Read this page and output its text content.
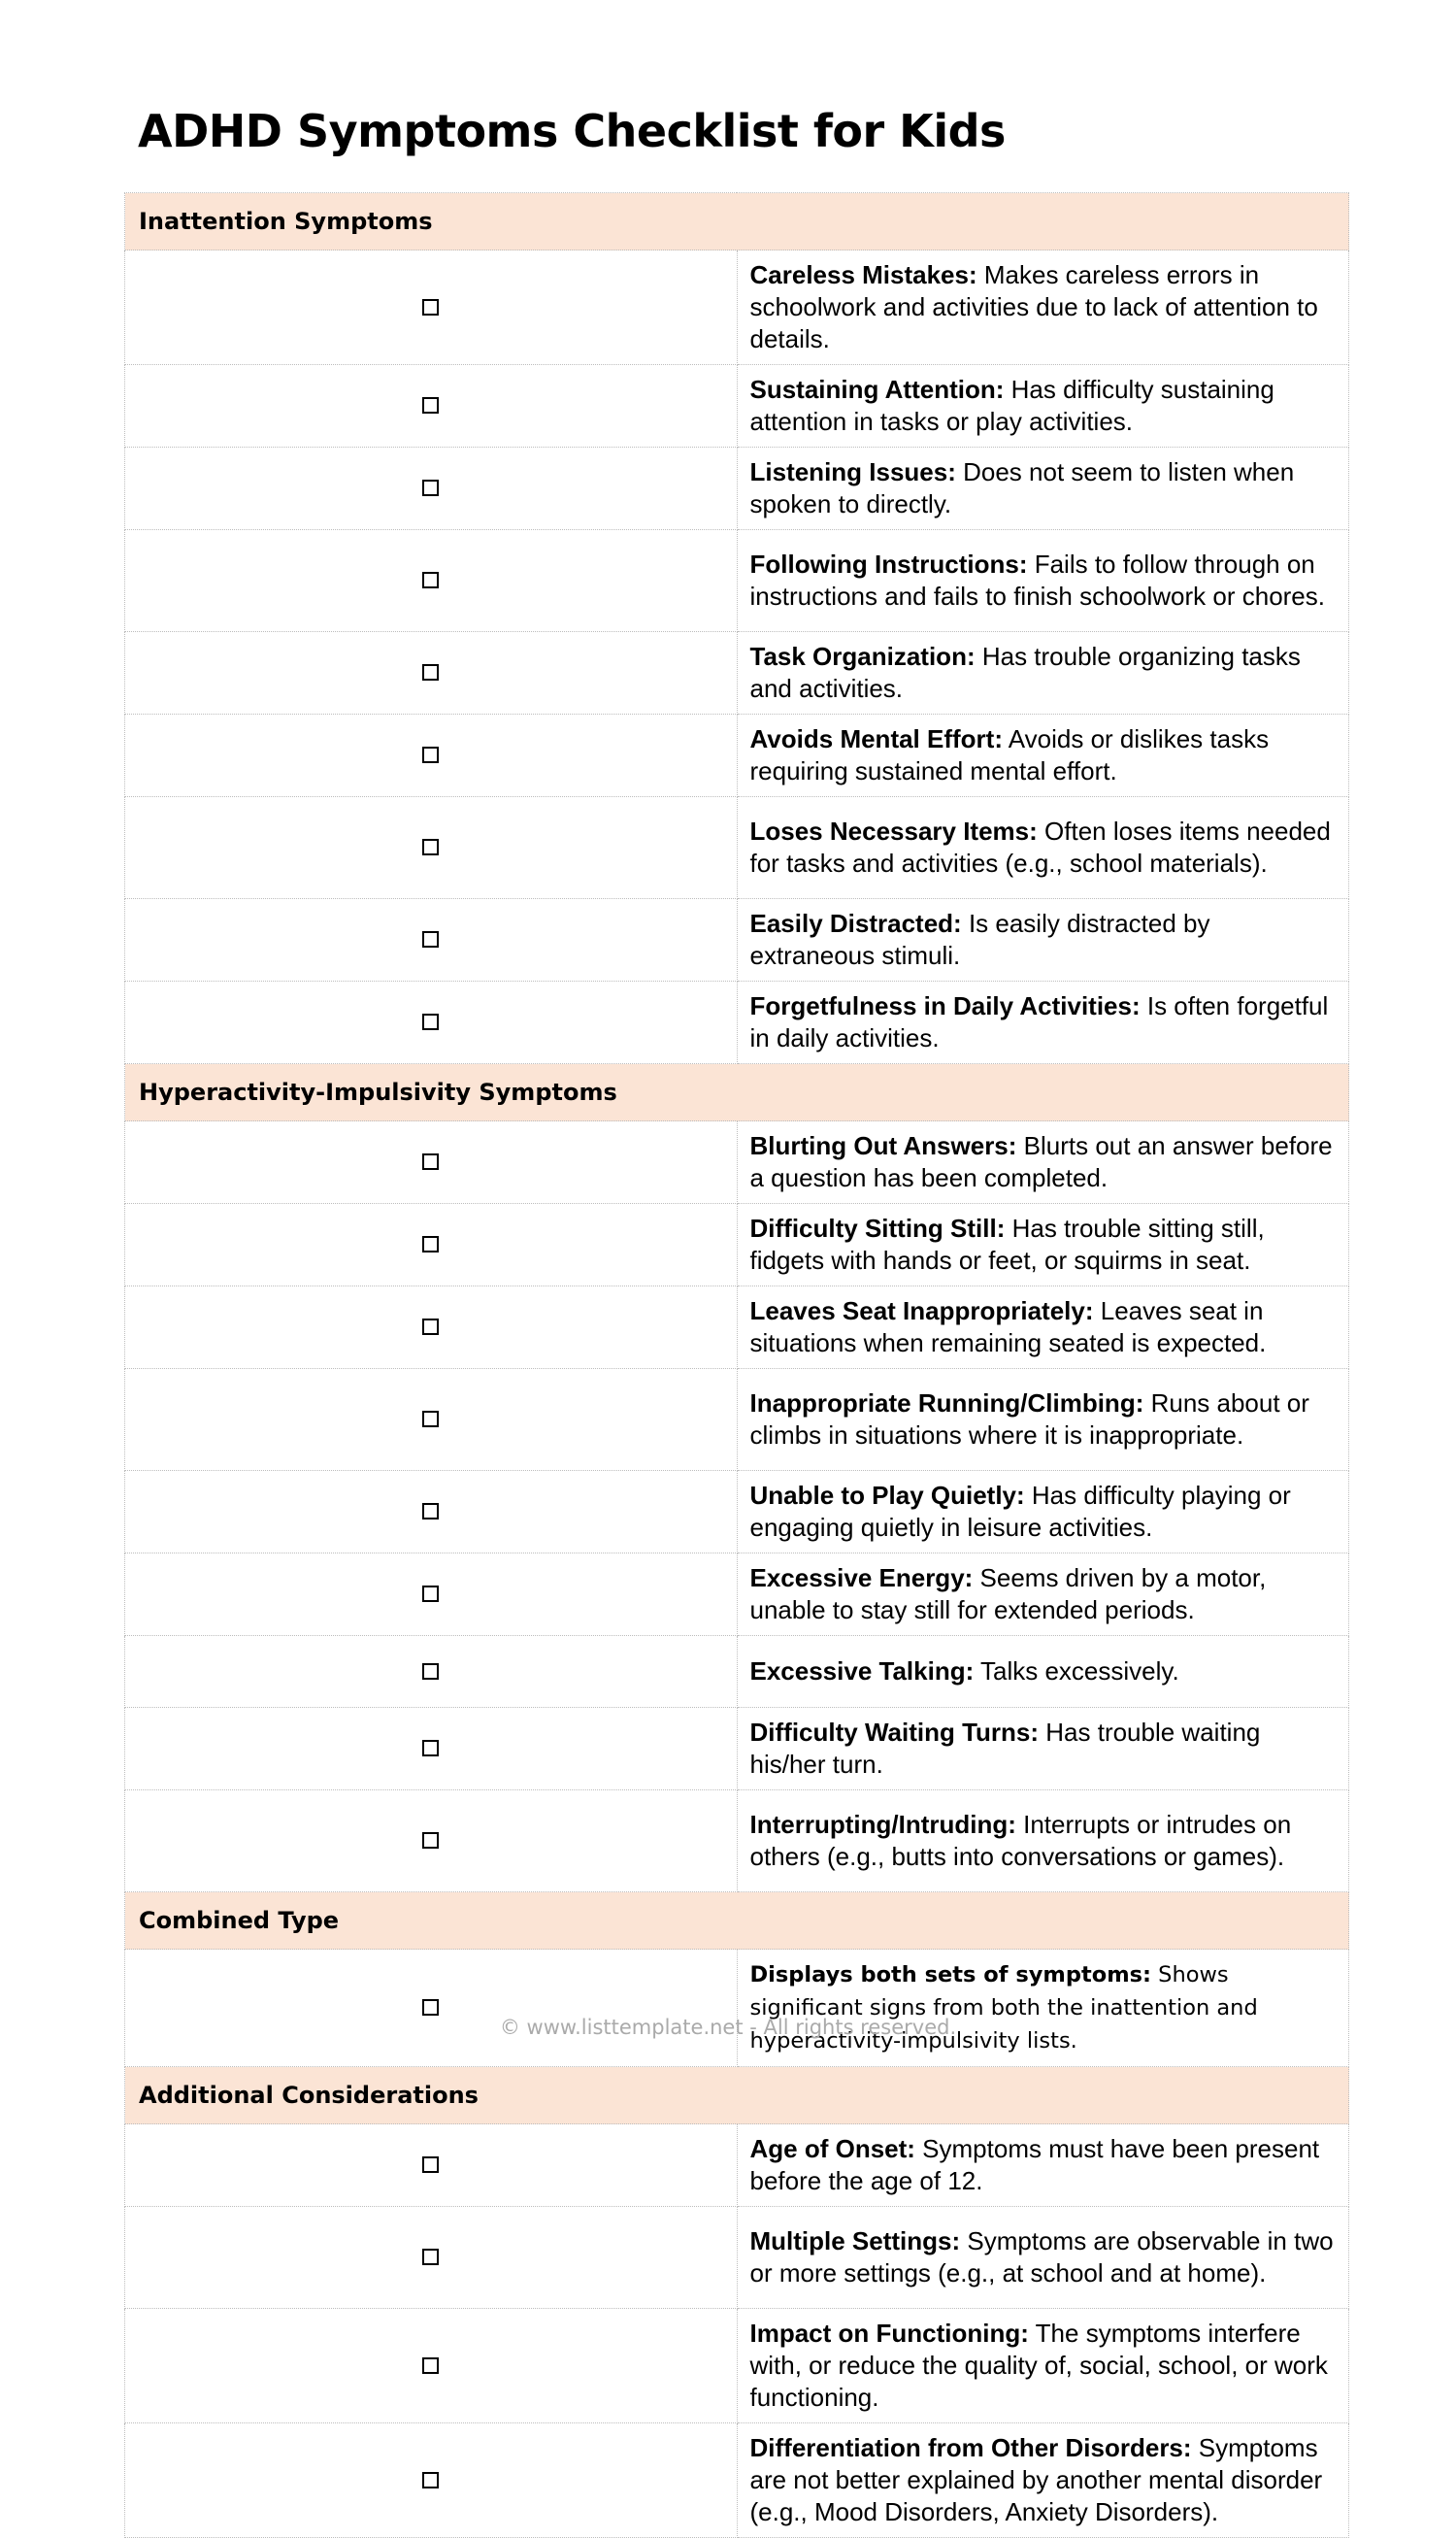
ADHD Symptoms Checklist for Kids
Inattention Symptoms	
	Careless Mistakes: Makes careless errors in schoolwork and activities due to lack of attention to details.
	Sustaining Attention: Has difficulty sustaining attention in tasks or play activities.
	Listening Issues: Does not seem to listen when spoken to directly.
	Following Instructions: Fails to follow through on instructions and fails to finish schoolwork or chores.
	Task Organization: Has trouble organizing tasks and activities.
	Avoids Mental Effort: Avoids or dislikes tasks requiring sustained mental effort.
	Loses Necessary Items: Often loses items needed for tasks and activities (e.g., school materials).
	Easily Distracted: Is easily distracted by extraneous stimuli.
	Forgetfulness in Daily Activities: Is often forgetful in daily activities.
Hyperactivity-Impulsivity Symptoms	
	Blurting Out Answers: Blurts out an answer before a question has been completed.
	Difficulty Sitting Still: Has trouble sitting still, fidgets with hands or feet, or squirms in seat.
	Leaves Seat Inappropriately: Leaves seat in situations when remaining seated is expected.
	Inappropriate Running/Climbing: Runs about or climbs in situations where it is inappropriate.
	Unable to Play Quietly: Has difficulty playing or engaging quietly in leisure activities.
	Excessive Energy: Seems driven by a motor, unable to stay still for extended periods.
	Excessive Talking: Talks excessively.
	Difficulty Waiting Turns: Has trouble waiting his/her turn.
	Interrupting/Intruding: Interrupts or intrudes on others (e.g., butts into conversations or games).
Combined Type	
	Displays both sets of symptoms: Shows significant signs from both the inattention and hyperactivity-impulsivity lists.
Additional Considerations	
	Age of Onset: Symptoms must have been present before the age of 12.
	Multiple Settings: Symptoms are observable in two or more settings (e.g., at school and at home).
	Impact on Functioning: The symptoms interfere with, or reduce the quality of, social, school, or work functioning.
	Differentiation from Other Disorders: Symptoms are not better explained by another mental disorder (e.g., Mood Disorders, Anxiety Disorders).
© www.listtemplate.net - All rights reserved.
